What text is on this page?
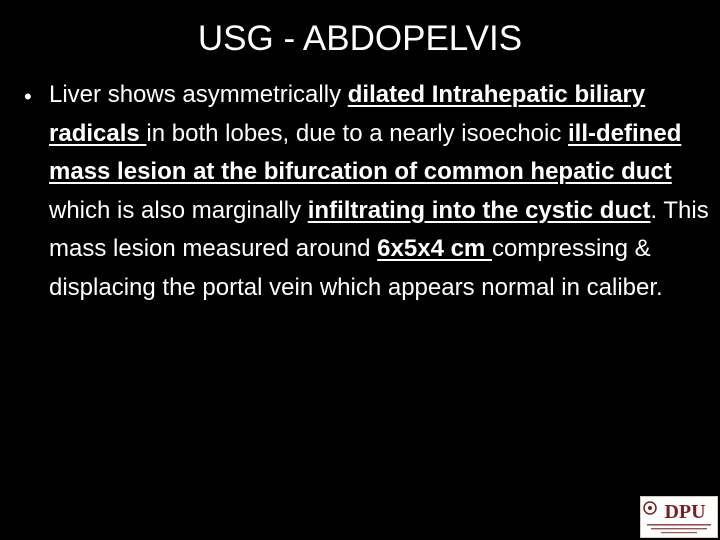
USG - ABDOPELVIS
• Liver shows asymmetrically dilated Intrahepatic biliary radicals in both lobes, due to a nearly isoechoic ill-defined mass lesion at the bifurcation of common hepatic duct which is also marginally infiltrating into the cystic duct. This mass lesion measured around 6x5x4 cm compressing & displacing the portal vein which appears normal in caliber.
DPU
